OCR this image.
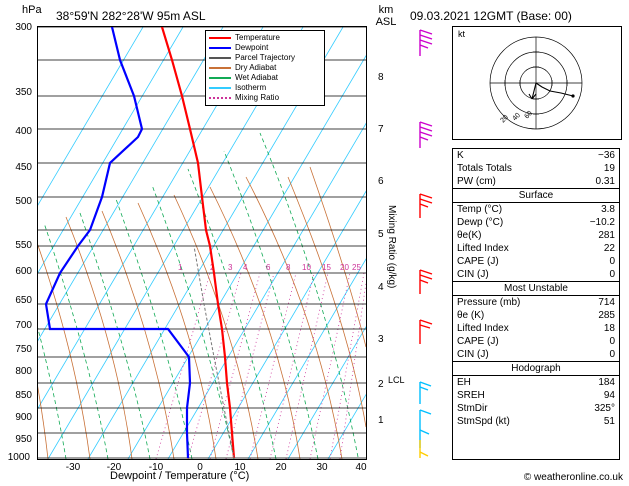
hPa 38°59'N 282°28'W 95m ASL	km
ASL 09.03.2021 12GMT (Base: 00)
1	2 3 4 6 8 10 15 20 25
300
350
400
450
500
550
600
650
700
750
800
850
900
950
1000
-30	-20	-10	0	10	20	30	40
Dewpoint / Temperature (°C)
8
7
6
5
4
3
2
1
LCL
Mixing Ratio (g/kg)
Temperature
Dewpoint
Parcel Trajectory
Dry Adiabat
Wet Adiabat
Isotherm
Mixing Ratio
20 40 60
kt
K	−36
Totals Totals	19
PW (cm)	0.31
Surface
Temp (°C)	3.8
Dewp (°C)	−10.2
θe(K)	281
Lifted Index	22
CAPE (J)	0
CIN (J)	0
Most Unstable
Pressure (mb)	714
θe (K)	285
Lifted Index	18
CAPE (J)	0
CIN (J)	0
Hodograph
EH	184
SREH	94
StmDir	325°
StmSpd (kt)	51
© weatheronline.co.uk
